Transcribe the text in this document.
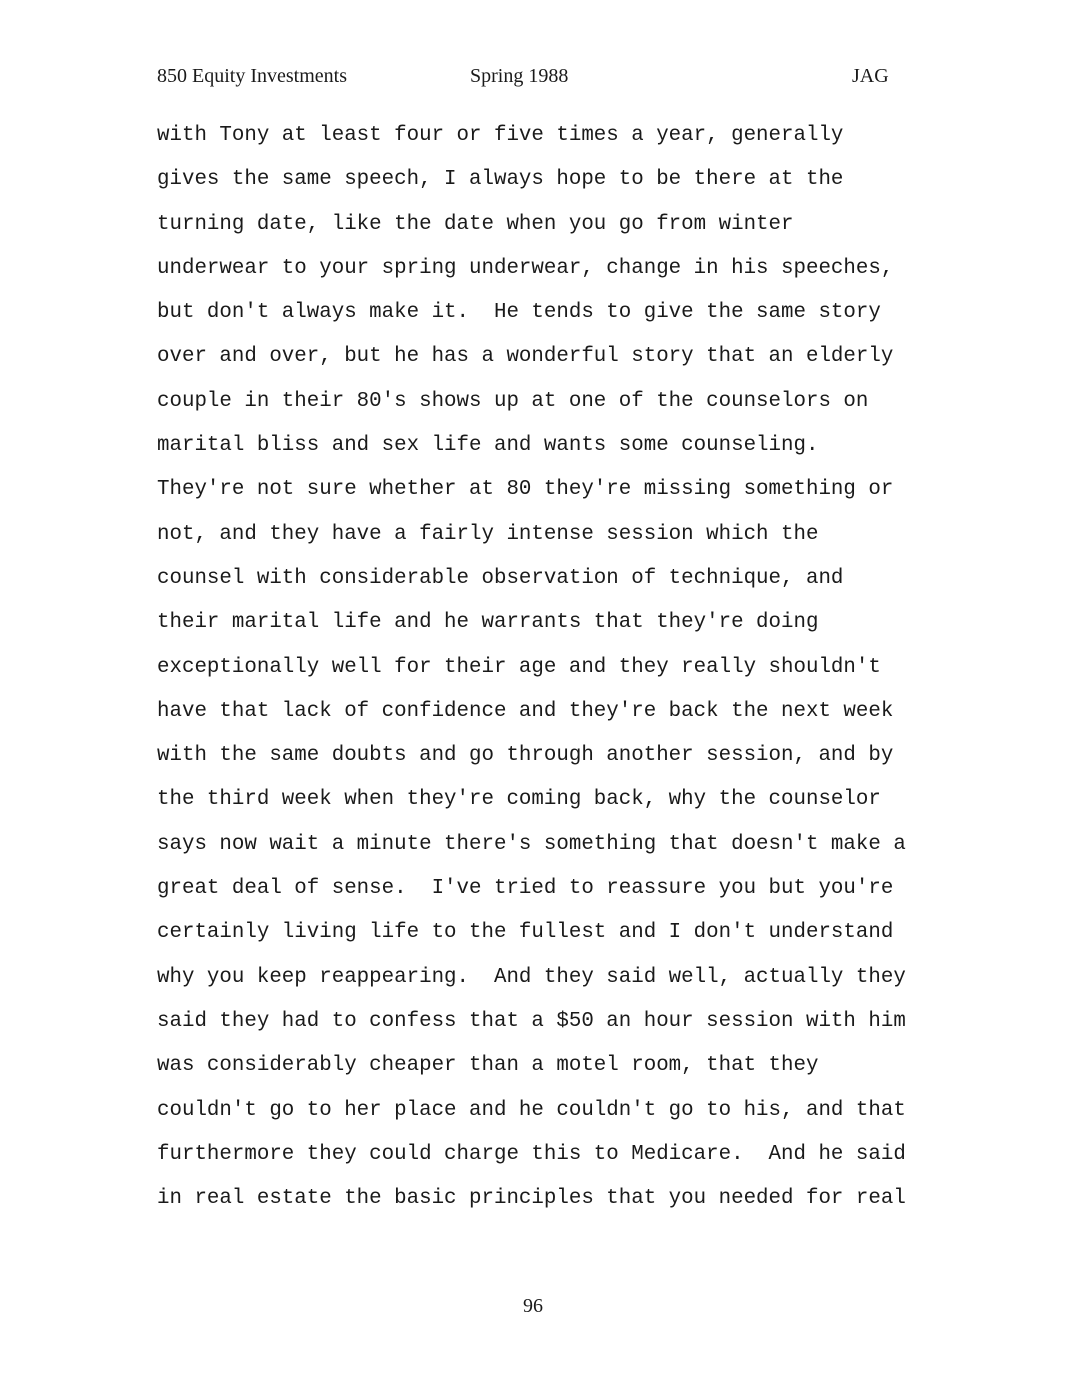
850 Equity Investments	Spring 1988	JAG
with Tony at least four or five times a year, generally
gives the same speech, I always hope to be there at the
turning date, like the date when you go from winter
underwear to your spring underwear, change in his speeches,
but don't always make it.  He tends to give the same story
over and over, but he has a wonderful story that an elderly
couple in their 80's shows up at one of the counselors on
marital bliss and sex life and wants some counseling.
They're not sure whether at 80 they're missing something or
not, and they have a fairly intense session which the
counsel with considerable observation of technique, and
their marital life and he warrants that they're doing
exceptionally well for their age and they really shouldn't
have that lack of confidence and they're back the next week
with the same doubts and go through another session, and by
the third week when they're coming back, why the counselor
says now wait a minute there's something that doesn't make a
great deal of sense.  I've tried to reassure you but you're
certainly living life to the fullest and I don't understand
why you keep reappearing.  And they said well, actually they
said they had to confess that a $50 an hour session with him
was considerably cheaper than a motel room, that they
couldn't go to her place and he couldn't go to his, and that
furthermore they could charge this to Medicare.  And he said
in real estate the basic principles that you needed for real
96
